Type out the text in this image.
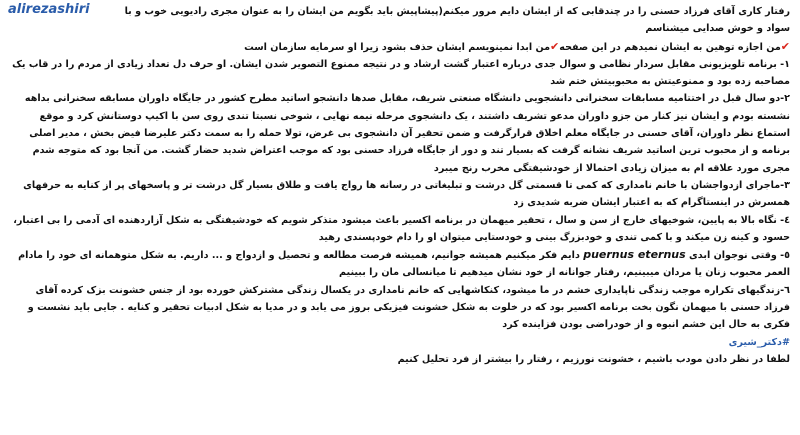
alirezashiri	رفتار کاری آقای فرزاد حسنی را در چندقابی که از ایشان دایم مرور میکنم(پیشاپیش باید بگویم من ایشان را به عنوان مجری رادیویی خوب و با سواد و خوش صدایی میشناسم

✔من اجازه توهین به ایشان نمیدهم در این صفحه✔من ابدا نمینویسم ایشان حذف بشود زیرا او سرمایه سازمان است

١- برنامه تلویزیونی مقابل سردار نظامی و سوال جدی درباره اعتبار گشت ارشاد و در نتیجه ممنوع التصویر شدن ایشان. او حرف دل تعداد زیادی از مردم را در قاب یک مصاحبه زده بود و ممنوعیتش به محبوبیتش ختم شد

٢-دو سال قبل در اختتامیه مسابقات سخنرانی دانشجویی دانشگاه صنعتی شریف، مقابل صدها دانشجو اساتید مطرح کشور در جایگاه داوران مسابقه سخنرانی بداهه نشسته بودم و ایشان نیز کنار من جزو داوران مدعو تشریف داشتند ، یک دانشجوی مرحله نیمه نهایی ، شوخی نسبتا تندی روی سن با اکیپ دوستانش کرد و موقع استماع نظر داوران، آقای حسنی در جایگاه معلم اخلاق قرارگرفت و ضمن تحقیر آن دانشجوی بی غرض، تولا حمله را به سمت دکتر علیرضا فیض بخش ، مدیر اصلی برنامه و از محبوب ترین اساتید شریف نشانه گرفت که بسیار تند و دور از جایگاه فرزاد حسنی بود که موجب اعتراض شدید حضار گشت. من آنجا بود که متوجه شدم مجری مورد علاقه ام به میزان زیادی احتمالا از خودشیفتگی مخرب رنج میبرد

٣-ماجرای ازدواجشان با خانم نامداری که کمی تا قسمتی گل درشت و تبلیغاتی در رسانه ها رواج یافت و طلاق بسیار گل درشت تر و پاسخهای پر از کنایه به حرفهای همسرش در اینستاگرام که به اعتبار ایشان ضربه شدیدی زد

٤- نگاه بالا به پایین، شوخیهای خارج از سن و سال ، تحقیر میهمان در برنامه اکسیر باعث میشود متذکر شویم که خودشیفتگی به شکل آزاردهنده ای آدمی را بی اعتبار، حسود و کینه زن میکند و با کمی تندی و خودبزرگ بینی و خودستایی میتوان او را دام خودپسندی رهید

٥- وقتی نوجوان ابدی puernus eternus دایم فکر میکنیم همیشه جوانیم، همیشه فرصت مطالعه و تحصیل و ازدواج و ... داریم. به شکل متوهمانه ای خود را مادام العمر محبوب زنان یا مردان میبینیم، رفتار جوانانه از خود نشان میدهیم تا میانسالی مان را ببینیم

٦-زندگیهای تکراره موجب زندگی ناپایداری خشم در ما میشود، کنکاشهایی که خانم نامداری در یکسال زندگی مشترکش خورده بود از جنس خشونت بزک کرده آقای فرزاد حسنی با میهمان نگون بخت برنامه اکسیر بود که در خلوت به شکل خشونت فیزیکی بروز می یابد و در مدیا به شکل ادبیات تحقیر و کنایه . جایی باید نشست و فکری به حال این خشم انبوه و از خودراضی بودن فزاینده کرد

#دکتر_شیری

لطفا در نظر دادن مودب باشیم ، خشونت نورزیم ، رفتار را بیشتر از فرد تحلیل کنیم
